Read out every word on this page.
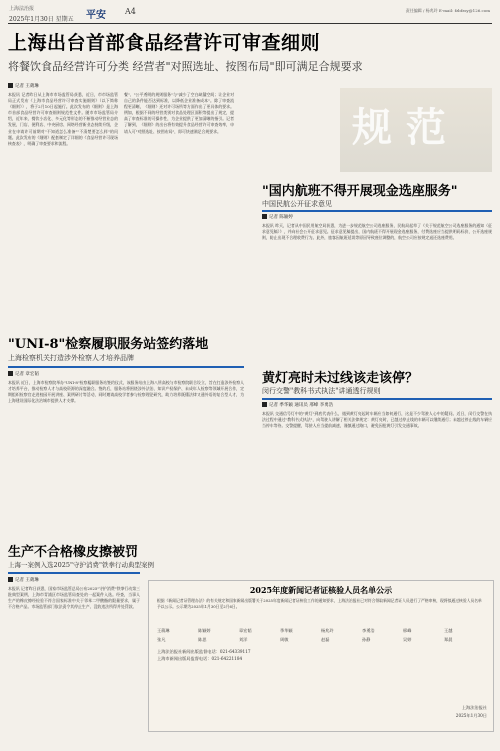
上海法治报
2025年1月30日 星期五	平安 A4	责任编辑 / 杨兆玲 E-mail: fzbfzsy@126.com
上海出台首部食品经营许可审查细则
将餐饮食品经营许可分类 经营者"对照选址、按图布局"即可满足合规要求
记者 王葳琳
本报讯 记者昨日从上海市市场监管局获悉，近日，市市场监管局正式发布《上海市食品经营许可审查实施细则》（以下简称《细则》），将于2月10日起施行。此次发布的《细则》是上海市首部食品经营许可审查细则规范性文件。随市市场监管局介绍，近年来，餐饮小店化、多元化等形态的不断推动经营业态的发展，门店、便利店、中央厨房、网络经营新业态持续升级，企业在申请许可前期对"不知道怎么准备""不清楚要怎么样"的问题。此次发布的《细则》配套制定了详细的《食品经营许可现场核查表》，明确了审查要求和流程。
餐"、"公平透明的规则服务"与"减少了空白缺漏空间；让企业对自己的条件能否达到标准，以降低企业准备成本"。除了审查流程更清晰，《细则》还对许可场所等方面作出了更具体的要求。例如，根据不同的经营类别对食品处理区面积等提出了规定，提高了审查标准的可操作性，为企业提供了更加清晰的指引。记者了解到，《细则》的出台将有效提升食品经营许可审查效率，申请人可"对照选址、按图布局"，即可快速满足合规要求。	规 范
"国内航班不得开展现金选座服务"
中国民航公开征求意见
记者 陈颖婷
本报讯 昨天，记者从中国民用航空局获悉，为进一步规范航空公司选座服务，民航局起草了《关于规范航空公司选座服务的通知（征求意见稿）》，并向社会公开征求意见。征求意见稿提出，国内航班不得开展现金选座服务，付费选座应当提供明码标价，公开选座规则，防止出现不合理收费行为。此外，旅客因航班延误等原因导致座位调整的，航空公司应按规定退还选座费用。
"UNI-8"检察履职服务站签约落地
上海检察机关打造涉外检察人才培养品牌
记者 章宏韬
本报讯 近日，上海市检察院举办"UNI-8"检察履职服务站签约仪式，该服务站由上海八所高校与市检察院联合设立，旨在打造涉外检察人才培养平台，推动检察人才与高校资源的深度融合。签约后，服务站将围绕涉外法治、知识产权保护、未成年人检察等领域开展合作，定期组织检察官走进校园开展讲座、案例研讨等活动，同时邀请高校学者参与检察理论研究，助力培养既懂法律又通外语的复合型人才，为上海建设国际化法治城市提供人才支撑。
黄灯亮时未过线该走该停？
闵行交警"教科书式执法"讲通透行规则
记者 季华颖 通讯员 邢峰 李勇浩
本报讯 交通信号灯中的"黄灯"到底代表什么，遇到黄灯亮起时车辆应当如何通行，这是不少驾驶人心中的疑问。近日，闵行交警在执法过程中通过"教科书式执法"，向驾驶人讲解了相关法律规定：黄灯亮时，已越过停止线的车辆可以继续通行；未越过停止线的车辆应当停车等待。交警提醒，驾驶人应当提前减速，谨慎通过路口，避免因抢黄灯引发交通事故。
生产不合格橡皮擦被罚
上海一案例入选2025"守护消费"铁拳行动典型案例
记者 王葳琳
本报讯 记者昨日获悉，国家市场监管总局公布2025"守护消费"铁拳行动第三批典型案例，上海市青浦区市场监管局查处的一起案件入选。经查，当事人生产的橡皮擦经检验不符合国家标准中关于邻苯二甲酸酯的限量要求，属于不合格产品。市场监管部门依法责令其停止生产、没收违法所得并处罚款。
2025年度新闻记者证核验人员名单公示
根据《新闻记者证管理办法》的有关规定和国家新闻出版署关于2025年度新闻记者证核验工作的通知要求，上海法治报社已对符合领取新闻记者证人员进行了严格审核，现将拟通过核验人员名单予以公示。公示期为2025年1月30日至2月6日。
王葳琳	陈颖婷	章宏韬	季华颖	杨兆玲	李勇浩	邢峰	王越
张凡	陈思	刘洋	周敏	赵磊	孙静	吴婷	郑晨
上海法治报社新闻出版监督电话：021-64339117
上海市新闻出版局监督电话：021-64221184
上海法治报社
2025年1月30日
